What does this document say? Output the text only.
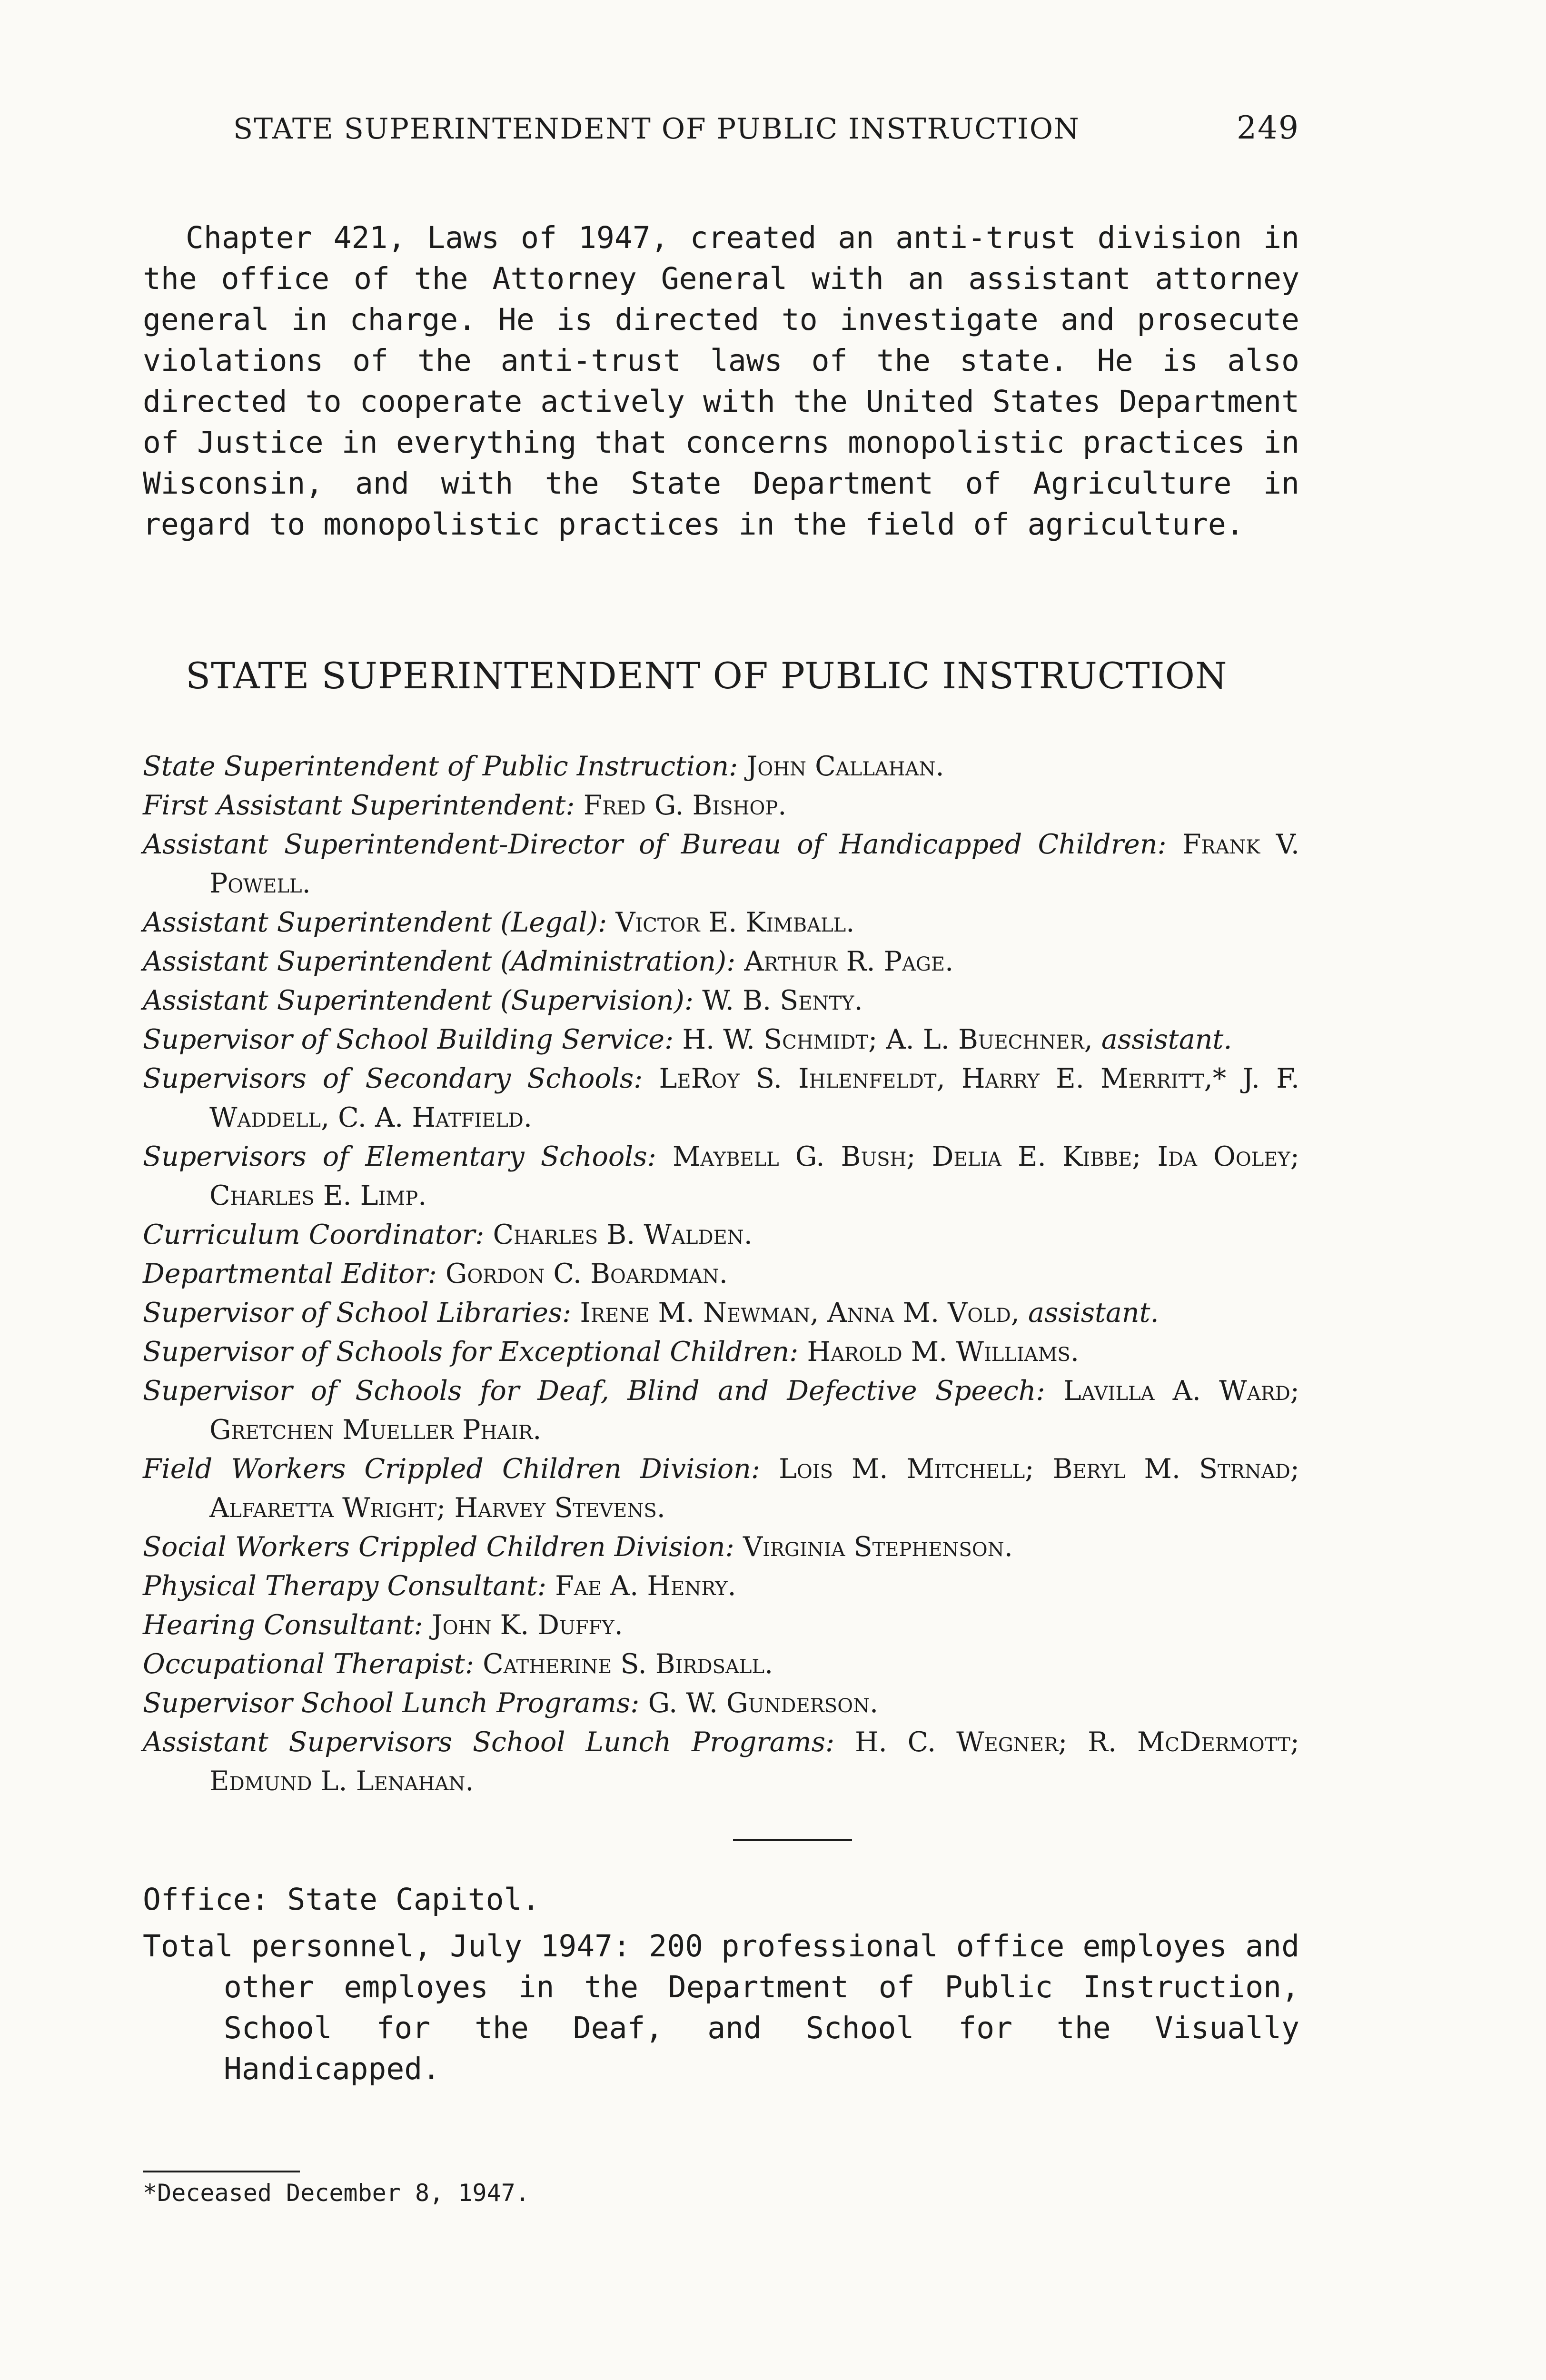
STATE SUPERINTENDENT OF PUBLIC INSTRUCTION	249

Chapter 421, Laws of 1947, created an anti-trust division in the office of the Attorney General with an assistant attorney general in charge. He is directed to investigate and prosecute violations of the anti-trust laws of the state. He is also directed to cooperate actively with the United States Department of Justice in everything that concerns monopolistic practices in Wisconsin, and with the State Department of Agriculture in regard to monopolistic practices in the field of agriculture.

STATE SUPERINTENDENT OF PUBLIC INSTRUCTION
State Superintendent of Public Instruction: John Callahan.
First Assistant Superintendent: Fred G. Bishop.
Assistant Superintendent-Director of Bureau of Handicapped Children: Frank V. Powell.
Assistant Superintendent (Legal): Victor E. Kimball.
Assistant Superintendent (Administration): Arthur R. Page.
Assistant Superintendent (Supervision): W. B. Senty.
Supervisor of School Building Service: H. W. Schmidt; A. L. Buechner, assistant.
Supervisors of Secondary Schools: LeRoy S. Ihlenfeldt, Harry E. Merritt,* J. F. Waddell, C. A. Hatfield.
Supervisors of Elementary Schools: Maybell G. Bush; Delia E. Kibbe; Ida Ooley; Charles E. Limp.
Curriculum Coordinator: Charles B. Walden.
Departmental Editor: Gordon C. Boardman.
Supervisor of School Libraries: Irene M. Newman, Anna M. Vold, assistant.
Supervisor of Schools for Exceptional Children: Harold M. Williams.
Supervisor of Schools for Deaf, Blind and Defective Speech: Lavilla A. Ward; Gretchen Mueller Phair.
Field Workers Crippled Children Division: Lois M. Mitchell; Beryl M. Strnad; Alfaretta Wright; Harvey Stevens.
Social Workers Crippled Children Division: Virginia Stephenson.
Physical Therapy Consultant: Fae A. Henry.
Hearing Consultant: John K. Duffy.
Occupational Therapist: Catherine S. Birdsall.
Supervisor School Lunch Programs: G. W. Gunderson.
Assistant Supervisors School Lunch Programs: H. C. Wegner; R. McDermott; Edmund L. Lenahan.
Office: State Capitol.
Total personnel, July 1947: 200 professional office employes and other employes in the Department of Public Instruction, School for the Deaf, and School for the Visually Handicapped.
*Deceased December 8, 1947.
